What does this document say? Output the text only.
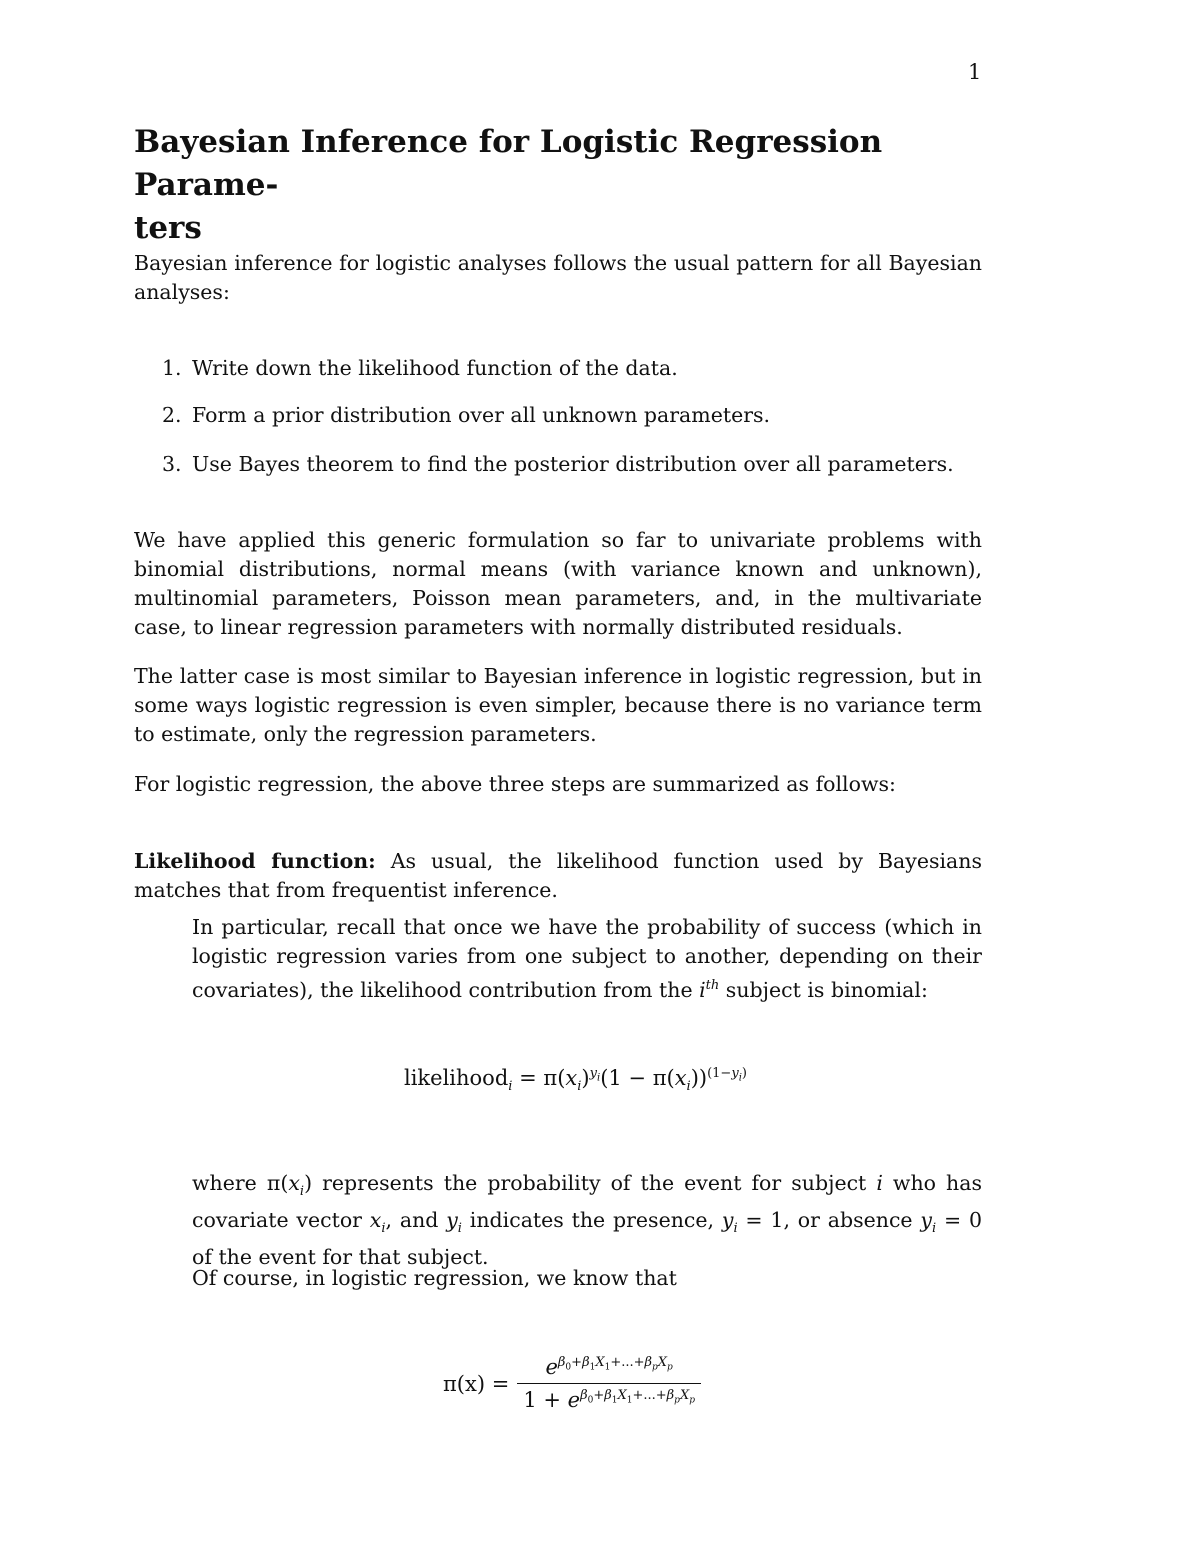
1
Bayesian Inference for Logistic Regression Parame-
ters

Bayesian inference for logistic analyses follows the usual pattern for all Bayesian analyses:

1. Write down the likelihood function of the data.
2. Form a prior distribution over all unknown parameters.
3. Use Bayes theorem to find the posterior distribution over all parameters.

We have applied this generic formulation so far to univariate problems with binomial distributions, normal means (with variance known and unknown), multinomial parameters, Poisson mean parameters, and, in the multivariate case, to linear regression parameters with normally distributed residuals.

The latter case is most similar to Bayesian inference in logistic regression, but in some ways logistic regression is even simpler, because there is no variance term to estimate, only the regression parameters.

For logistic regression, the above three steps are summarized as follows:

Likelihood function: As usual, the likelihood function used by Bayesians matches that from frequentist inference.

In particular, recall that once we have the probability of success (which in logistic regression varies from one subject to another, depending on their covariates), the likelihood contribution from the $i^{th}$ subject is binomial:

likelihood$_i$ = $\pi(x_i)^{y_i}(1 - \pi(x_i))^{(1-y_i)}$

where $\pi(x_i)$ represents the probability of the event for subject i who has covariate vector $x_i$, and $y_i$ indicates the presence, $y_i = 1$, or absence $y_i = 0$ of the event for that subject.

Of course, in logistic regression, we know that

$\pi(x) = \frac{e^{\beta_0+\beta_1X_1+...+\beta_pX_p}}{1 + e^{\beta_0+\beta_1X_1+...+\beta_pX_p}}$
